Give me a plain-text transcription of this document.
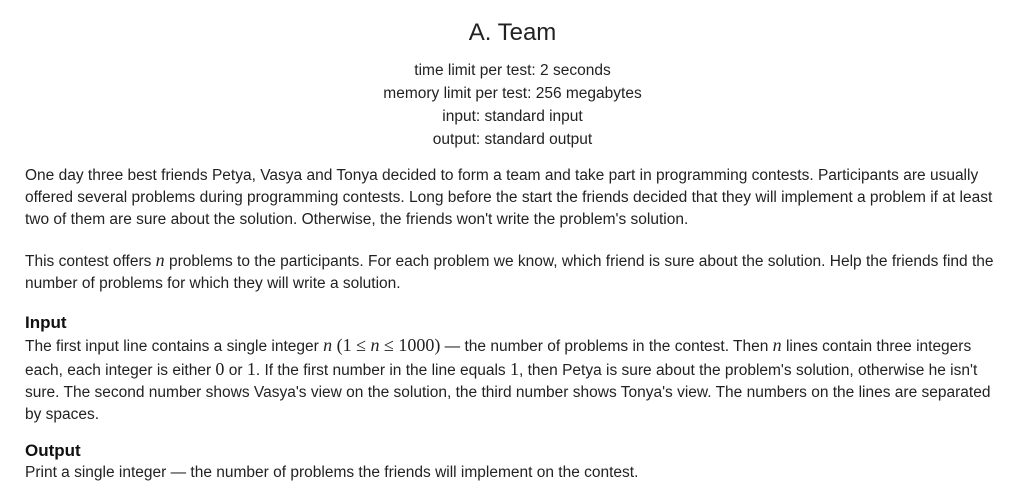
A. Team
time limit per test: 2 seconds
memory limit per test: 256 megabytes
input: standard input
output: standard output

One day three best friends Petya, Vasya and Tonya decided to form a team and take part in programming contests. Participants are usually offered several problems during programming contests. Long before the start the friends decided that they will implement a problem if at least two of them are sure about the solution. Otherwise, the friends won't write the problem's solution.

This contest offers n problems to the participants. For each problem we know, which friend is sure about the solution. Help the friends find the number of problems for which they will write a solution.

Input

The first input line contains a single integer n (1 ≤ n ≤ 1000) — the number of problems in the contest. Then n lines contain three integers each, each integer is either 0 or 1. If the first number in the line equals 1, then Petya is sure about the problem's solution, otherwise he isn't sure. The second number shows Vasya's view on the solution, the third number shows Tonya's view. The numbers on the lines are separated by spaces.

Output

Print a single integer — the number of problems the friends will implement on the contest.
